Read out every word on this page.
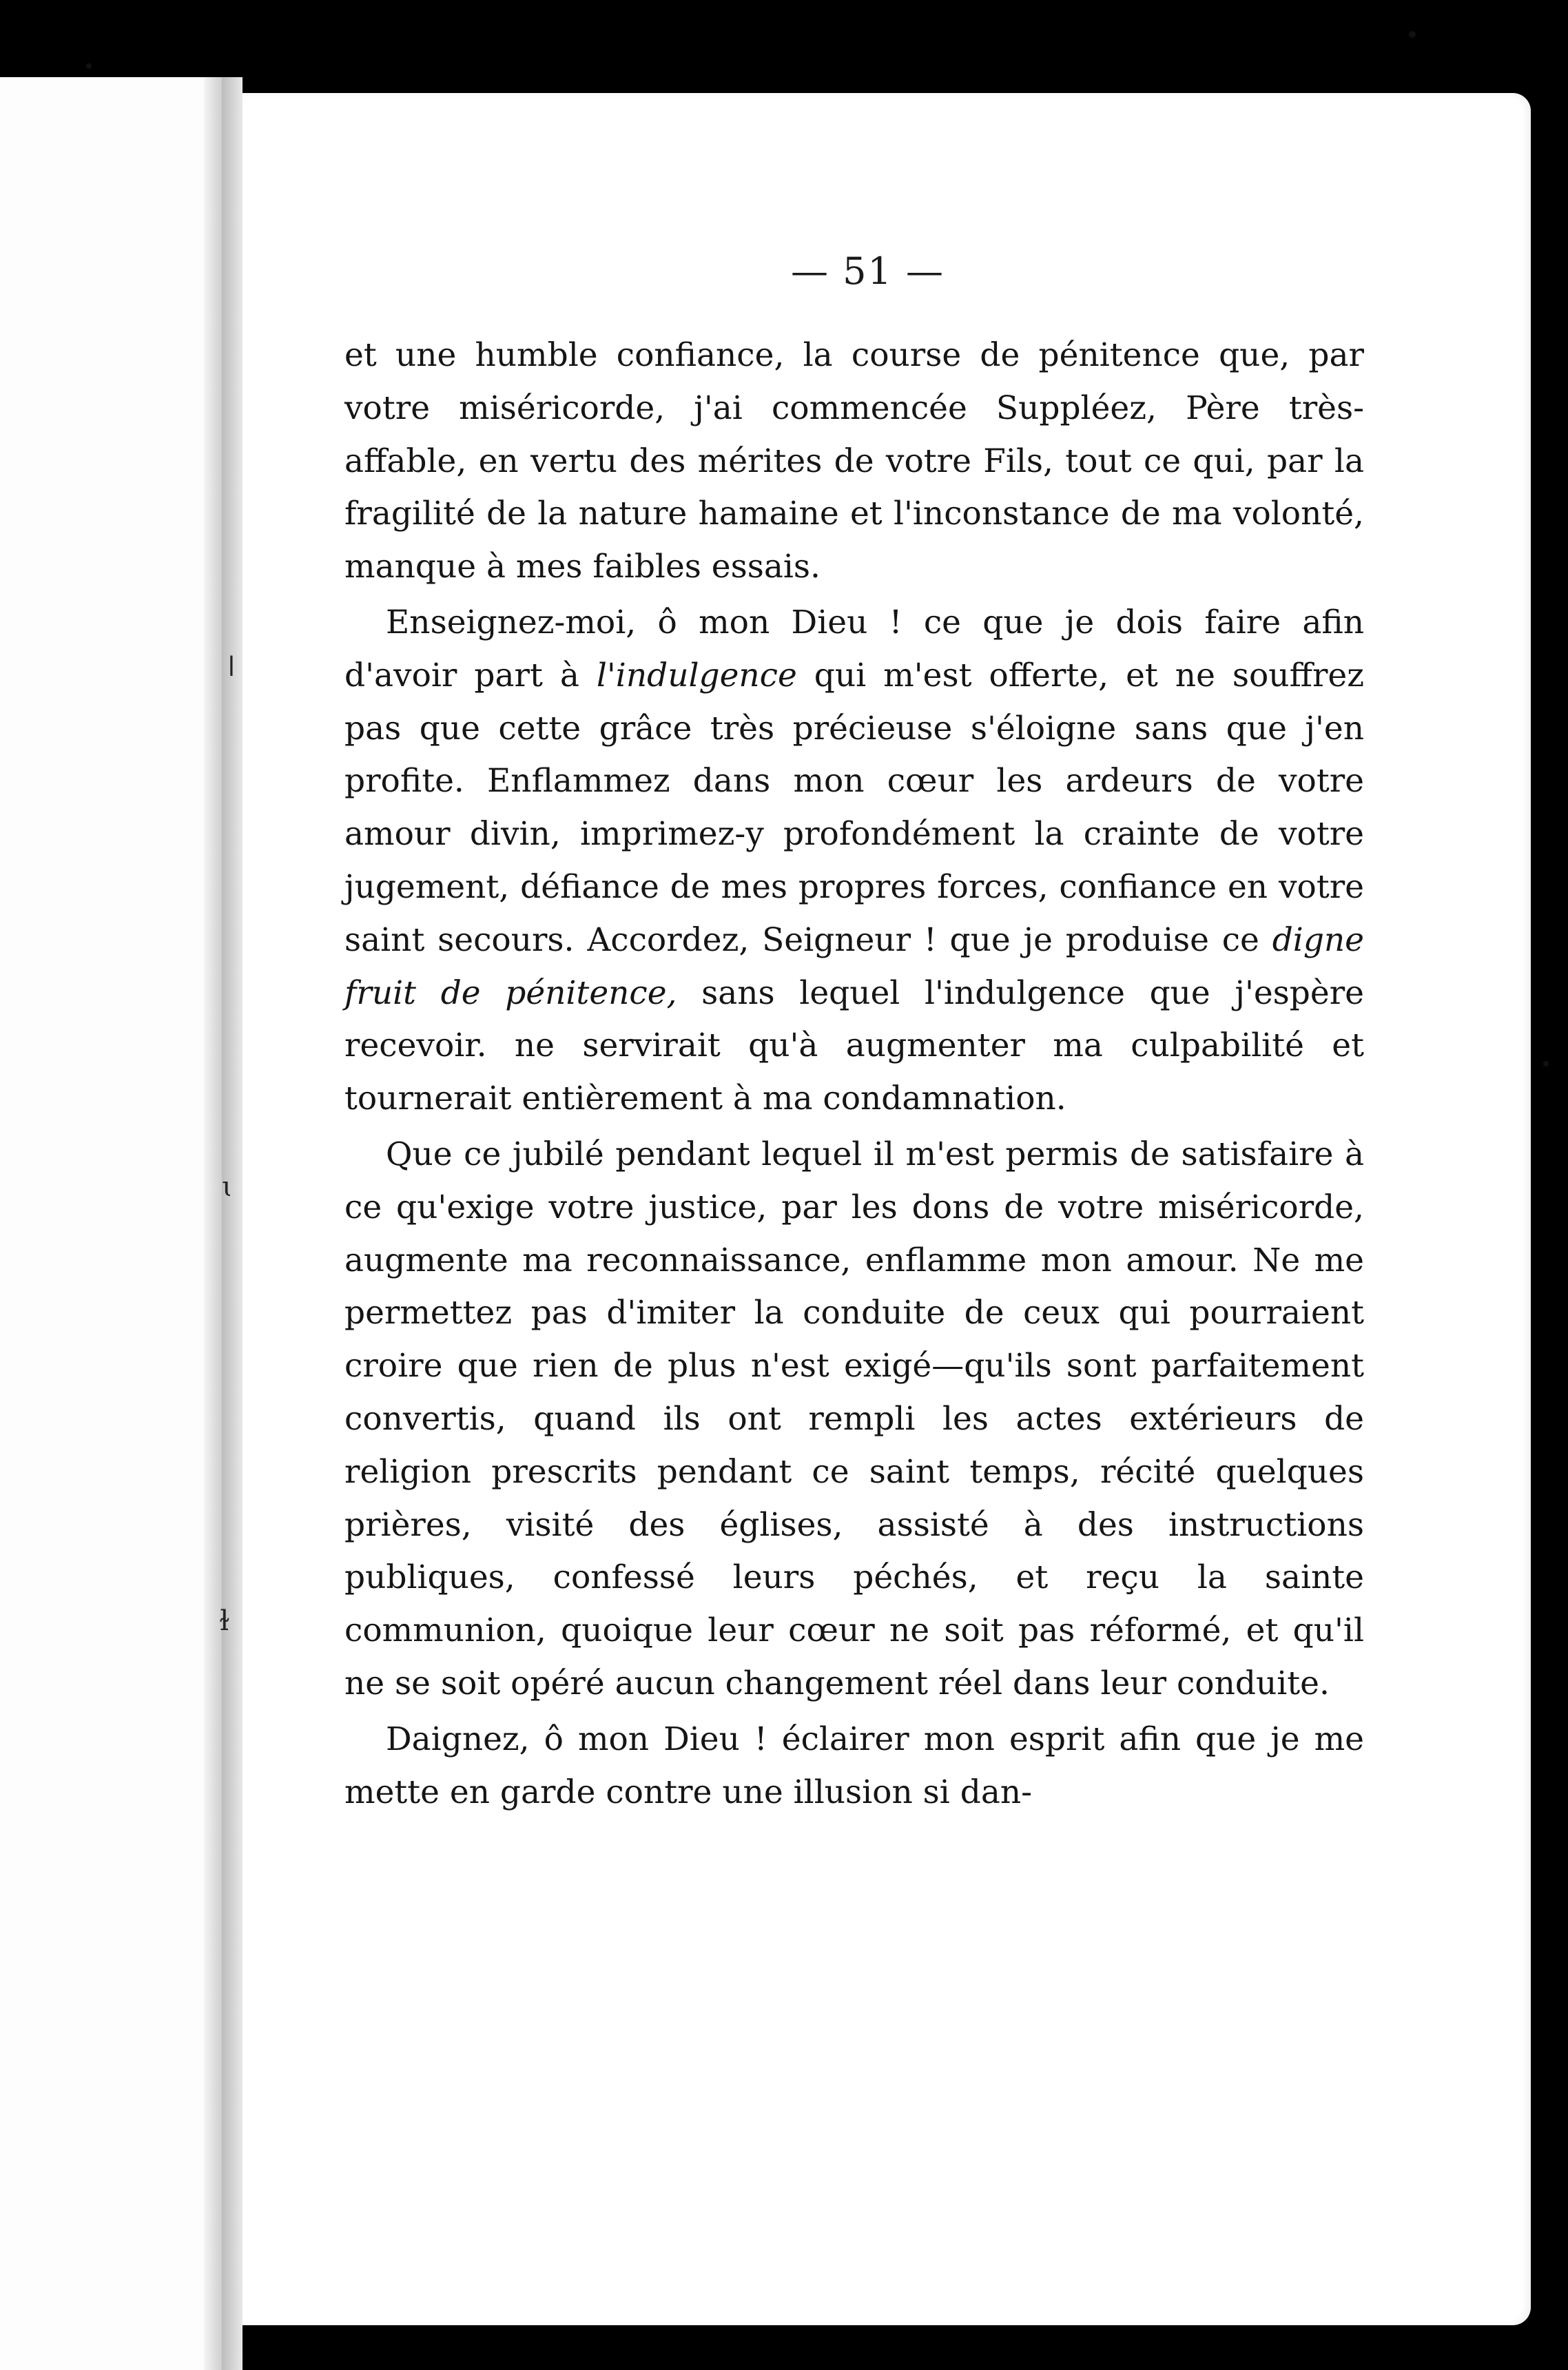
— 51 —

et une humble confiance, la course de pénitence que, par votre miséricorde, j'ai commencée Suppléez, Père très-affable, en vertu des mérites de votre Fils, tout ce qui, par la fragilité de la nature hamaine et l'inconstance de ma volonté, manque à mes faibles essais.

Enseignez-moi, ô mon Dieu ! ce que je dois faire afin d'avoir part à l'indulgence qui m'est offerte, et ne souffrez pas que cette grâce très précieuse s'éloigne sans que j'en profite. Enflammez dans mon cœur les ardeurs de votre amour divin, imprimez-y profondément la crainte de votre jugement, défiance de mes propres forces, confiance en votre saint secours. Accordez, Seigneur ! que je produise ce digne fruit de pénitence, sans lequel l'indulgence que j'espère recevoir. ne servirait qu'à augmenter ma culpabilité et tournerait entièrement à ma condamnation.

Que ce jubilé pendant lequel il m'est permis de satisfaire à ce qu'exige votre justice, par les dons de votre miséricorde, augmente ma reconnaissance, enflamme mon amour. Ne me permettez pas d'imiter la conduite de ceux qui pourraient croire que rien de plus n'est exigé—qu'ils sont parfaitement convertis, quand ils ont rempli les actes extérieurs de religion prescrits pendant ce saint temps, récité quelques prières, visité des églises, assisté à des instructions publiques, confessé leurs péchés, et reçu la sainte communion, quoique leur cœur ne soit pas réformé, et qu'il ne se soit opéré aucun changement réel dans leur conduite.

Daignez, ô mon Dieu ! éclairer mon esprit afin que je me mette en garde contre une illusion si dan-

ǀ
ɩ
ɫ
